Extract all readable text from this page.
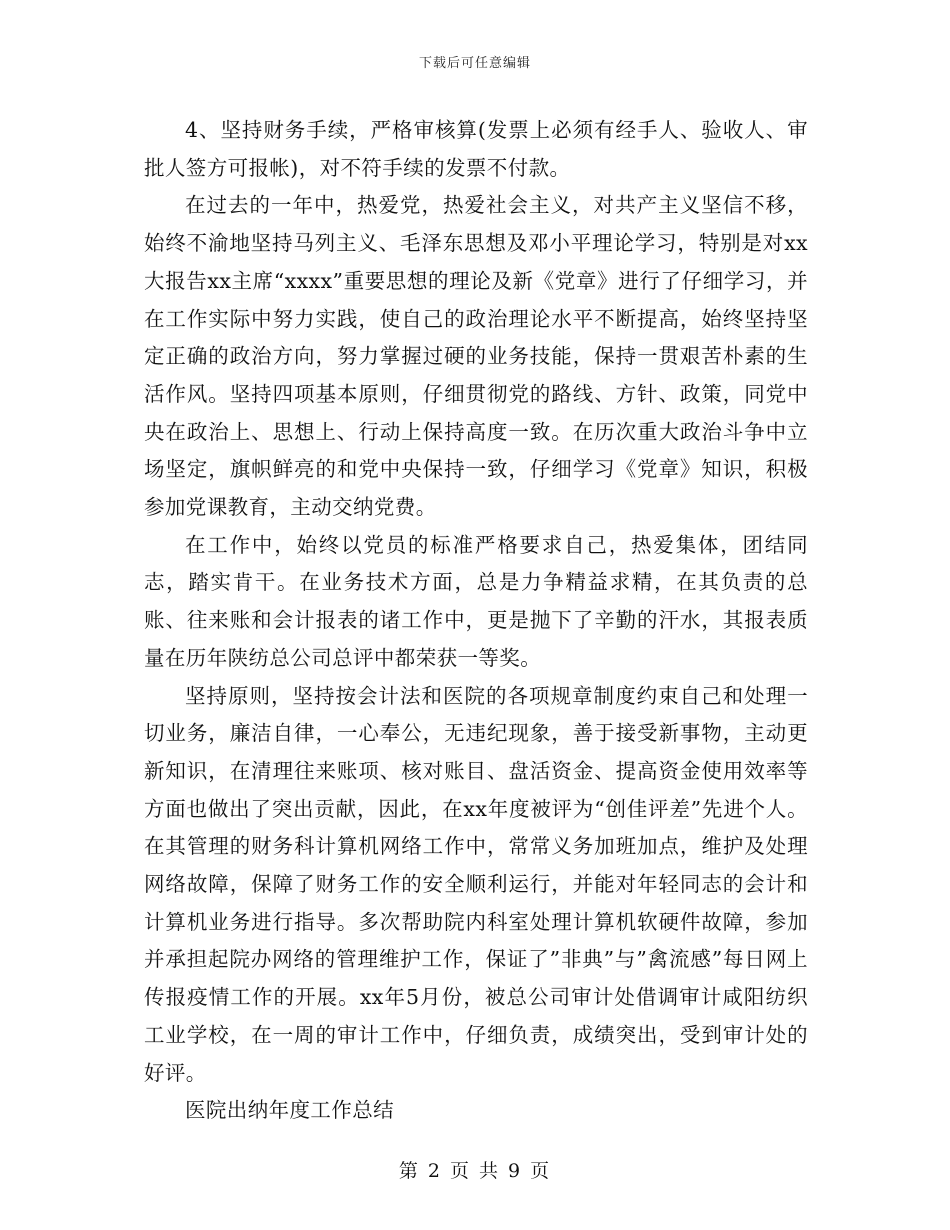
下载后可任意编辑

4、坚持财务手续，严格审核算(发票上必须有经手人、验收人、审批人签方可报帐)，对不符手续的发票不付款。

在过去的一年中，热爱党，热爱社会主义，对共产主义坚信不移，始终不渝地坚持马列主义、毛泽东思想及邓小平理论学习，特别是对xx大报告xx主席“xxxx”重要思想的理论及新《党章》进行了仔细学习，并在工作实际中努力实践，使自己的政治理论水平不断提高，始终坚持坚定正确的政治方向，努力掌握过硬的业务技能，保持一贯艰苦朴素的生活作风。坚持四项基本原则，仔细贯彻党的路线、方针、政策，同党中央在政治上、思想上、行动上保持高度一致。在历次重大政治斗争中立场坚定，旗帜鲜亮的和党中央保持一致，仔细学习《党章》知识，积极参加党课教育，主动交纳党费。

在工作中，始终以党员的标准严格要求自己，热爱集体，团结同志，踏实肯干。在业务技术方面，总是力争精益求精，在其负责的总账、往来账和会计报表的诸工作中，更是抛下了辛勤的汗水，其报表质量在历年陕纺总公司总评中都荣获一等奖。

坚持原则，坚持按会计法和医院的各项规章制度约束自己和处理一切业务，廉洁自律，一心奉公，无违纪现象，善于接受新事物，主动更新知识，在清理往来账项、核对账目、盘活资金、提高资金使用效率等方面也做出了突出贡献，因此，在xx年度被评为“创佳评差”先进个人。在其管理的财务科计算机网络工作中，常常义务加班加点，维护及处理网络故障，保障了财务工作的安全顺利运行，并能对年轻同志的会计和计算机业务进行指导。多次帮助院内科室处理计算机软硬件故障，参加并承担起院办网络的管理维护工作，保证了”非典”与”禽流感”每日网上传报疫情工作的开展。xx年5月份，被总公司审计处借调审计咸阳纺织工业学校，在一周的审计工作中，仔细负责，成绩突出，受到审计处的好评。

医院出纳年度工作总结

第 2 页 共 9 页
